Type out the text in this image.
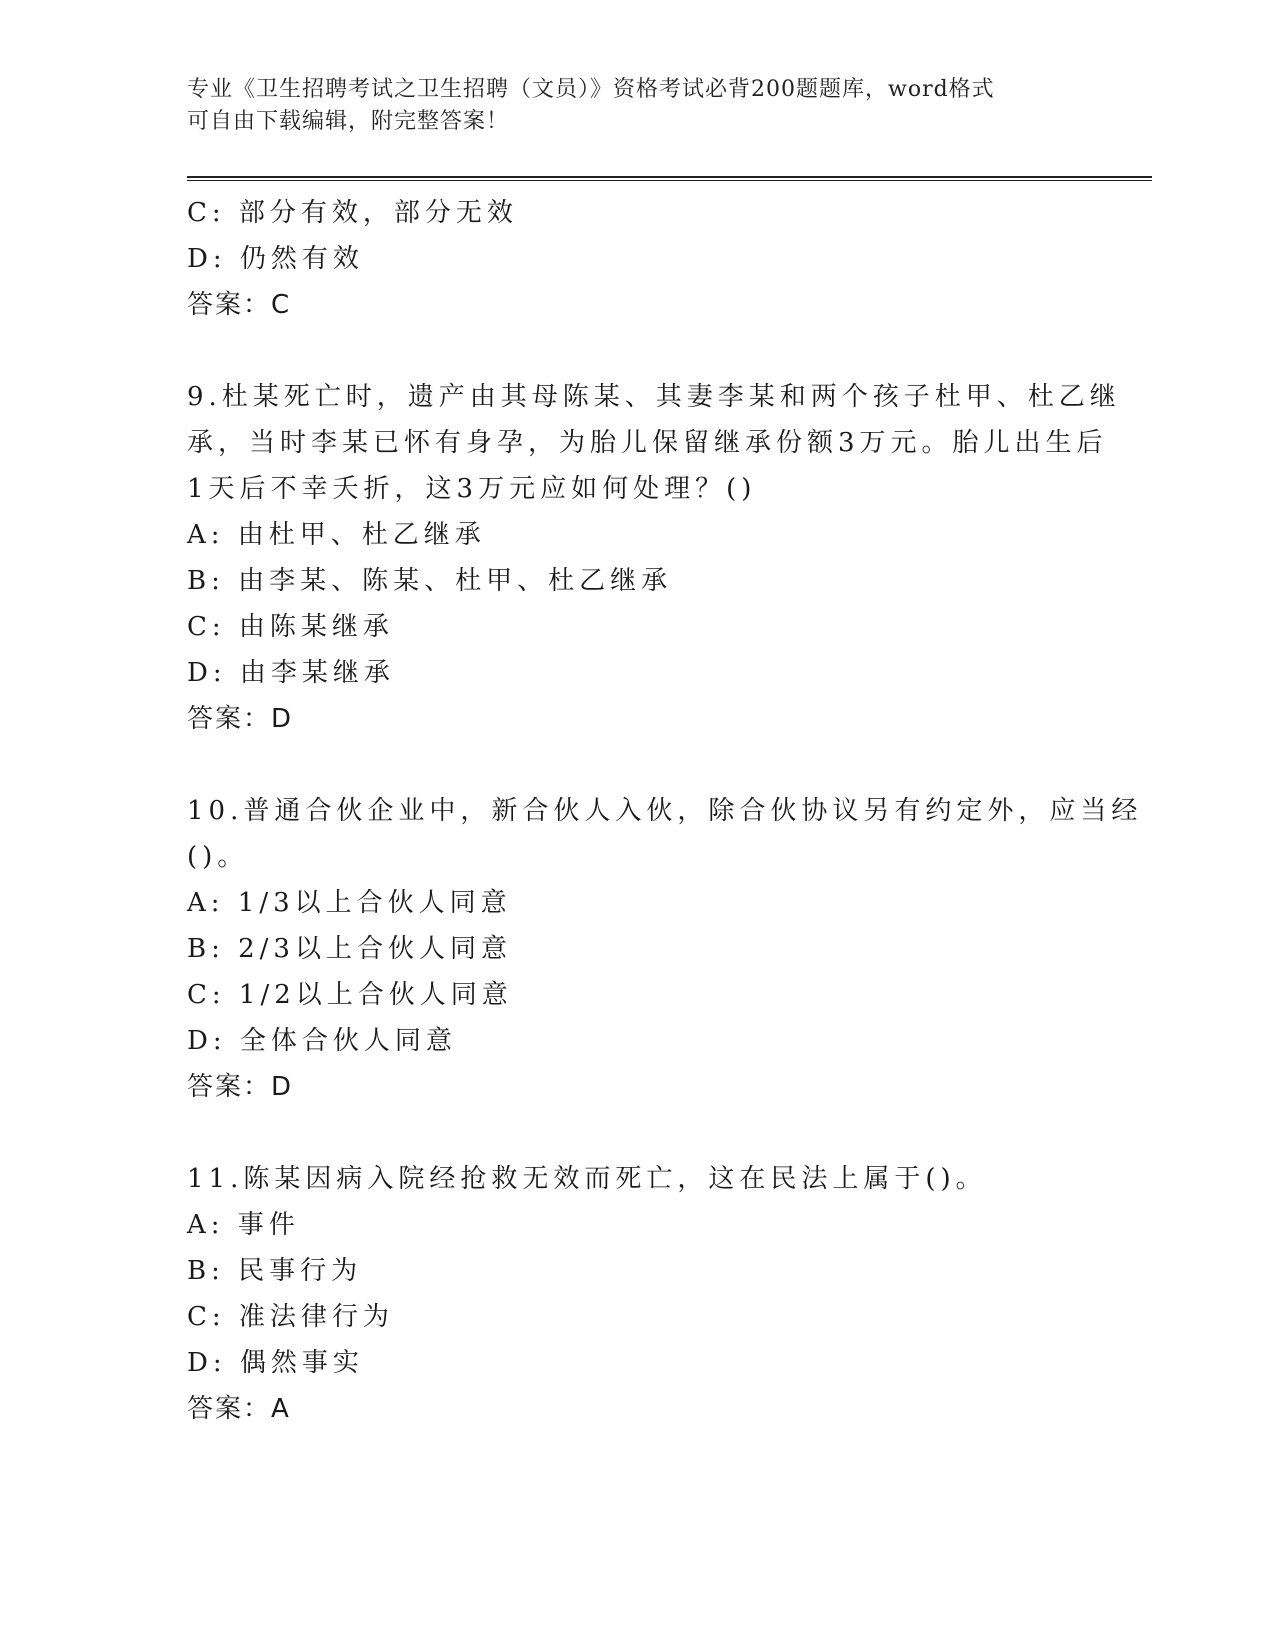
专业《卫生招聘考试之卫生招聘（文员）》资格考试必背200题题库，word格式
可自由下载编辑，附完整答案！
C: 部分有效，部分无效
D: 仍然有效
答案：C
9.杜某死亡时，遗产由其母陈某、其妻李某和两个孩子杜甲、杜乙继
承，当时李某已怀有身孕，为胎儿保留继承份额3万元。胎儿出生后
1天后不幸夭折，这3万元应如何处理？()
A: 由杜甲、杜乙继承
B: 由李某、陈某、杜甲、杜乙继承
C: 由陈某继承
D: 由李某继承
答案：D
10.普通合伙企业中，新合伙人入伙，除合伙协议另有约定外，应当经
()。
A: 1/3以上合伙人同意
B: 2/3以上合伙人同意
C: 1/2以上合伙人同意
D: 全体合伙人同意
答案：D
11.陈某因病入院经抢救无效而死亡，这在民法上属于()。
A: 事件
B: 民事行为
C: 准法律行为
D: 偶然事实
答案：A
